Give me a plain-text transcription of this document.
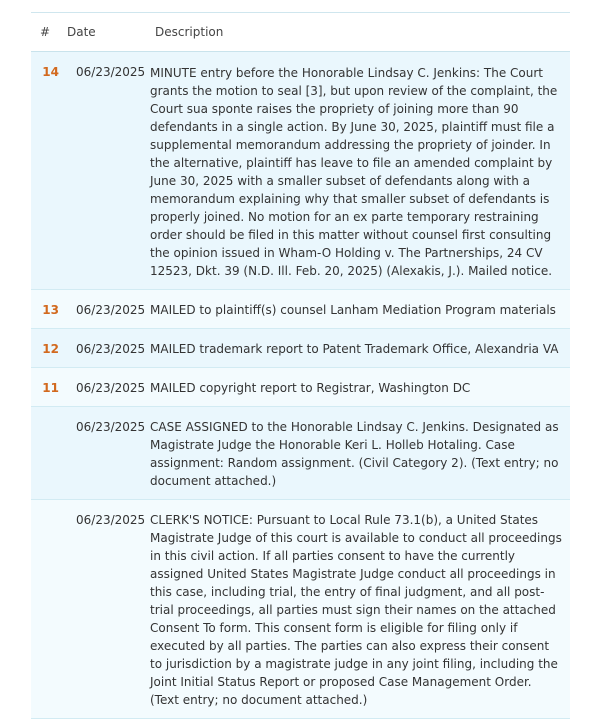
# Date	Description
14 06/23/2025 MINUTE entry before the Honorable Lindsay C. Jenkins: The Court grants the motion to seal [3], but upon review of the complaint, the Court sua sponte raises the propriety of joining more than 90 defendants in a single action. By June 30, 2025, plaintiff must file a supplemental memorandum addressing the propriety of joinder. In the alternative, plaintiff has leave to file an amended complaint by June 30, 2025 with a smaller subset of defendants along with a memorandum explaining why that smaller subset of defendants is properly joined. No motion for an ex parte temporary restraining order should be filed in this matter without counsel first consulting the opinion issued in Wham-O Holding v. The Partnerships, 24 CV 12523, Dkt. 39 (N.D. Ill. Feb. 20, 2025) (Alexakis, J.). Mailed notice.
13 06/23/2025 MAILED to plaintiff(s) counsel Lanham Mediation Program materials
12 06/23/2025 MAILED trademark report to Patent Trademark Office, Alexandria VA
11 06/23/2025 MAILED copyright report to Registrar, Washington DC
06/23/2025 CASE ASSIGNED to the Honorable Lindsay C. Jenkins. Designated as Magistrate Judge the Honorable Keri L. Holleb Hotaling. Case assignment: Random assignment. (Civil Category 2). (Text entry; no document attached.)
06/23/2025 CLERK'S NOTICE: Pursuant to Local Rule 73.1(b), a United States Magistrate Judge of this court is available to conduct all proceedings in this civil action. If all parties consent to have the currently assigned United States Magistrate Judge conduct all proceedings in this case, including trial, the entry of final judgment, and all post-trial proceedings, all parties must sign their names on the attached Consent To form. This consent form is eligible for filing only if executed by all parties. The parties can also express their consent to jurisdiction by a magistrate judge in any joint filing, including the Joint Initial Status Report or proposed Case Management Order. (Text entry; no document attached.)
